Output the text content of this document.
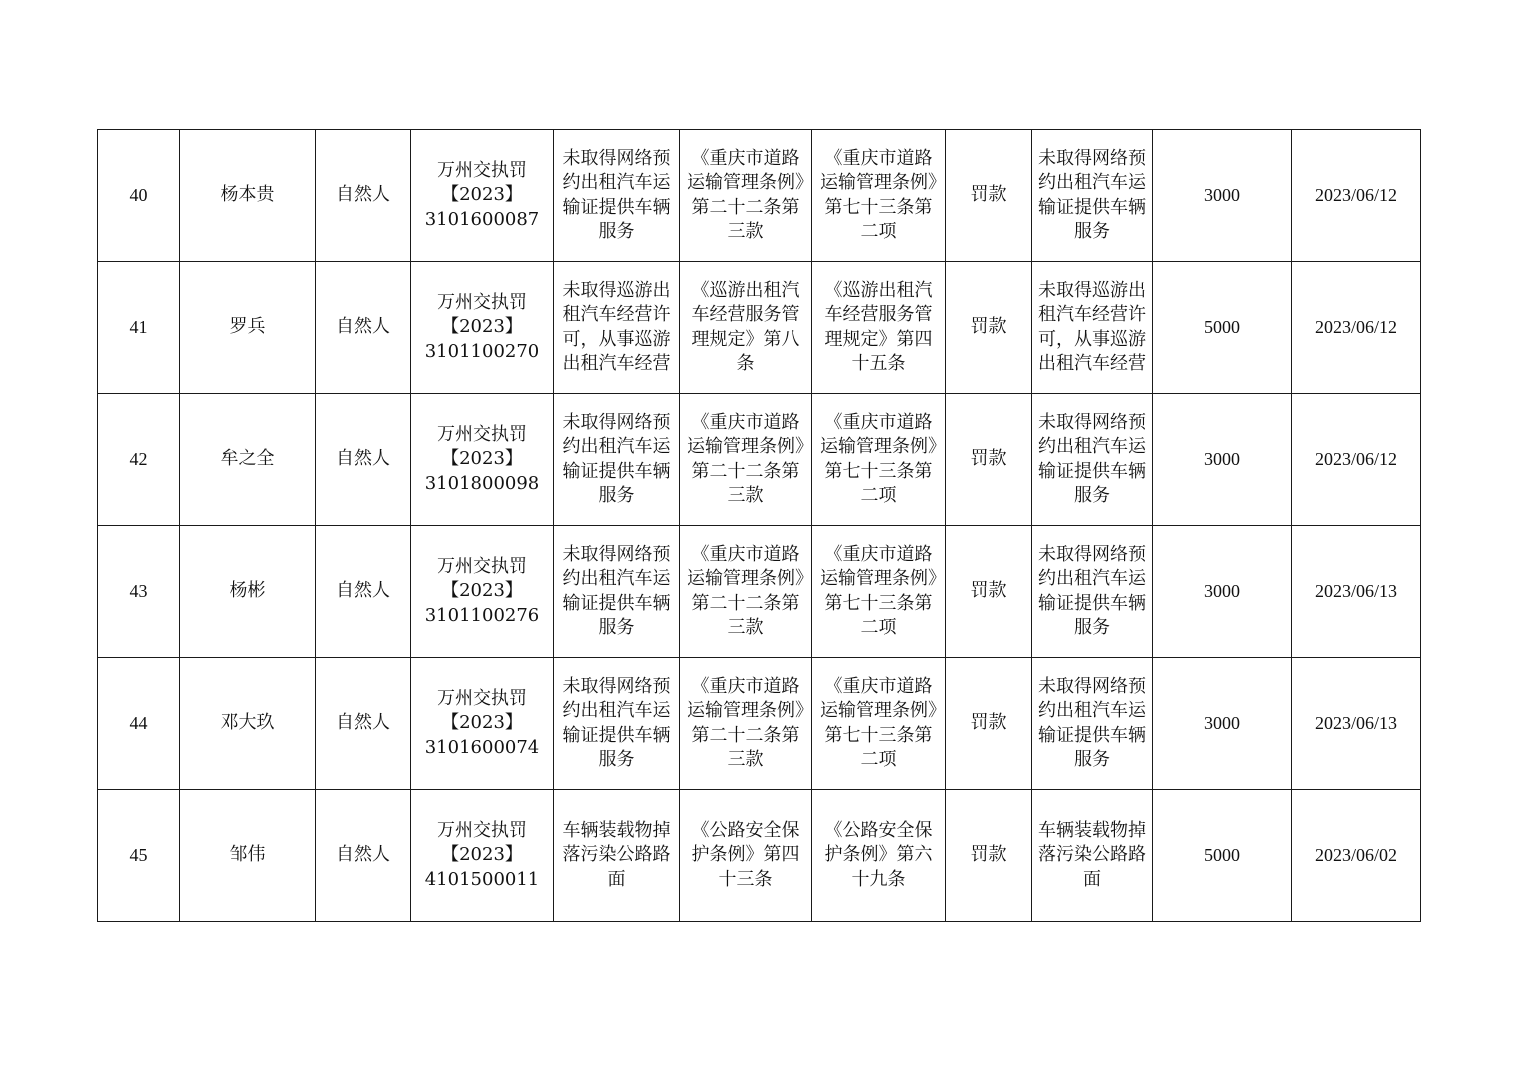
40	杨本贵	自然人	万州交执罚
【2023】
3101600087	未取得网络预约出租汽车运输证提供车辆服务	《重庆市道路运输管理条例》第二十二条第三款	《重庆市道路运输管理条例》第七十三条第二项	罚款	未取得网络预约出租汽车运输证提供车辆服务	3000	2023/06/12
41	罗兵	自然人	万州交执罚
【2023】
3101100270	未取得巡游出租汽车经营许可，从事巡游出租汽车经营	《巡游出租汽车经营服务管理规定》第八条	《巡游出租汽车经营服务管理规定》第四十五条	罚款	未取得巡游出租汽车经营许可，从事巡游出租汽车经营	5000	2023/06/12
42	牟之全	自然人	万州交执罚
【2023】
3101800098	未取得网络预约出租汽车运输证提供车辆服务	《重庆市道路运输管理条例》第二十二条第三款	《重庆市道路运输管理条例》第七十三条第二项	罚款	未取得网络预约出租汽车运输证提供车辆服务	3000	2023/06/12
43	杨彬	自然人	万州交执罚
【2023】
3101100276	未取得网络预约出租汽车运输证提供车辆服务	《重庆市道路运输管理条例》第二十二条第三款	《重庆市道路运输管理条例》第七十三条第二项	罚款	未取得网络预约出租汽车运输证提供车辆服务	3000	2023/06/13
44	邓大玖	自然人	万州交执罚
【2023】
3101600074	未取得网络预约出租汽车运输证提供车辆服务	《重庆市道路运输管理条例》第二十二条第三款	《重庆市道路运输管理条例》第七十三条第二项	罚款	未取得网络预约出租汽车运输证提供车辆服务	3000	2023/06/13
45	邹伟	自然人	万州交执罚
【2023】
4101500011	车辆装载物掉落污染公路路面	《公路安全保护条例》第四十三条	《公路安全保护条例》第六十九条	罚款	车辆装载物掉落污染公路路面	5000	2023/06/02
